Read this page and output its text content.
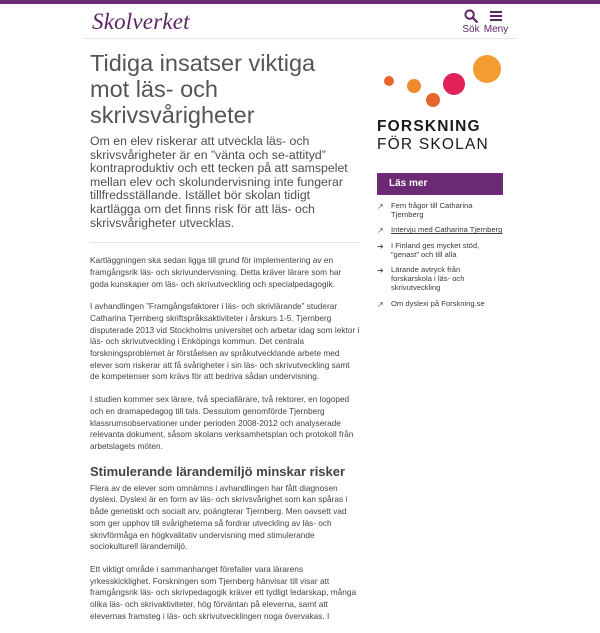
Skolverket	Sök Meny
Tidiga insatser viktiga mot läs- och skrivsvårigheter

Om en elev riskerar att utveckla läs- och skrivsvårigheter är en ”vänta och se-attityd” kontraproduktiv och ett tecken på att samspelet mellan elev och skolundervisning inte fungerar tillfredsställande. Istället bör skolan tidigt kartlägga om det finns risk för att läs- och skrivsvårigheter utvecklas.

Kartläggningen ska sedan ligga till grund för implementering av en framgångsrik läs- och skrivundervisning. Detta kräver lärare som har goda kunskaper om läs- och skrivutveckling och specialpedagogik.

I avhandlingen ”Framgångsfaktorer i läs- och skrivlärande” studerar Catharina Tjernberg skriftspråksaktiviteter i årskurs 1-5. Tjernberg disputerade 2013 vid Stockholms universitet och arbetar idag som lektor i läs- och skrivutveckling i Enköpings kommun. Det centrala forskningsproblemet är förståelsen av språkutvecklande arbete med elever som riskerar att få svårigheter i sin läs- och skrivutveckling samt de kompetenser som krävs för att bedriva sådan undervisning.

I studien kommer sex lärare, två speciallärare, två rektorer, en logoped och en dramapedagog till tals. Dessutom genomförde Tjernberg klassrumsobservationer under perioden 2008-2012 och analyserade relevanta dokument, såsom skolans verksamhetsplan och protokoll från arbetslagets möten.

Stimulerande lärandemiljö minskar risker

Flera av de elever som omnämns i avhandlingen har fått diagnosen dyslexi. Dyslexi är en form av läs- och skrivsvårighet som kan spåras i både genetiskt och socialt arv, poängterar Tjernberg. Men oavsett vad som ger upphov till svårigheterna så fordrar utveckling av läs- och skrivförmåga en högkvalitativ undervisning med stimulerande sociokulturell lärandemiljö.

Ett viktigt område i sammanhanget förefaller vara lärarens yrkesskicklighet. Forskningen som Tjernberg hänvisar till visar att framgångsrik läs- och skrivpedagogik kräver ett tydligt ledarskap, många olika läs- och skrivaktiviteter, hög förväntan på eleverna, samt att elevernas framsteg i läs- och skrivutvecklingen noga övervakas. I

FORSKNING
FÖR SKOLAN
Läs mer
↗ Fem frågor till Catharina Tjernberg
↗ Intervju med Catharina Tjernberg
➜ I Finland ges mycket stöd, ”genast” och till alla
➜ Lärande avtryck från forskarskola i läs- och skrivutveckling
↗ Om dyslexi på Forskning.se
